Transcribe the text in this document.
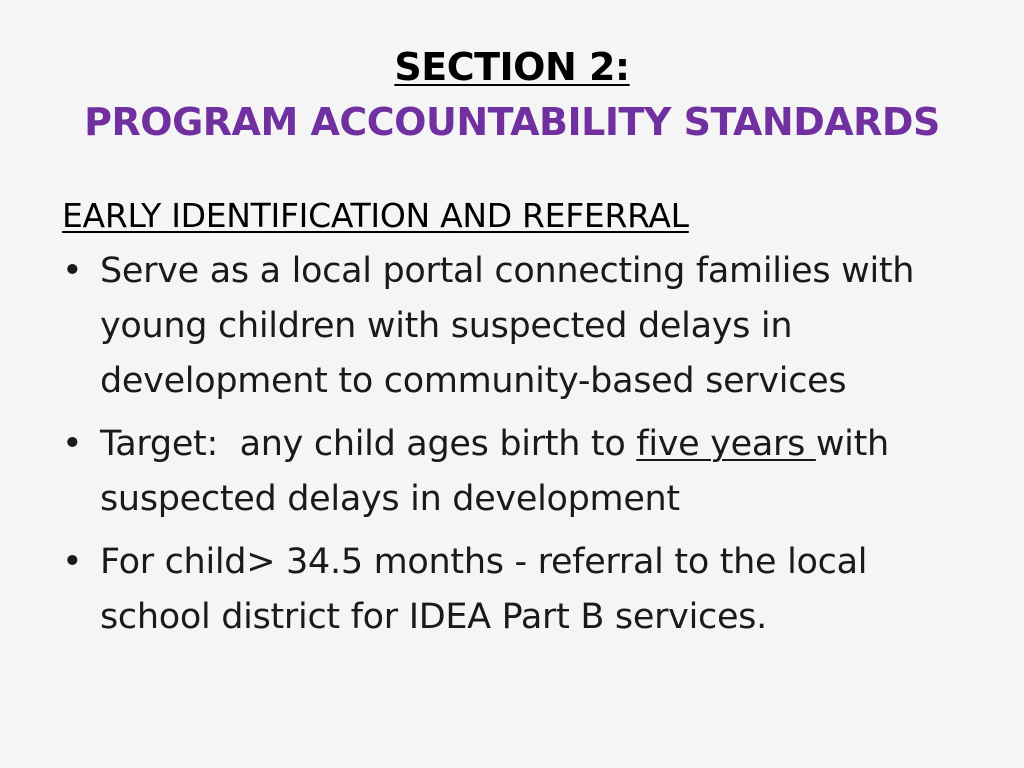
SECTION 2:
PROGRAM ACCOUNTABILITY STANDARDS
EARLY IDENTIFICATION AND REFERRAL
• Serve as a local portal connecting families with young children with suspected delays in development to community-based services
• Target:  any child ages birth to five years with suspected delays in development
• For child> 34.5 months - referral to the local school district for IDEA Part B services.
